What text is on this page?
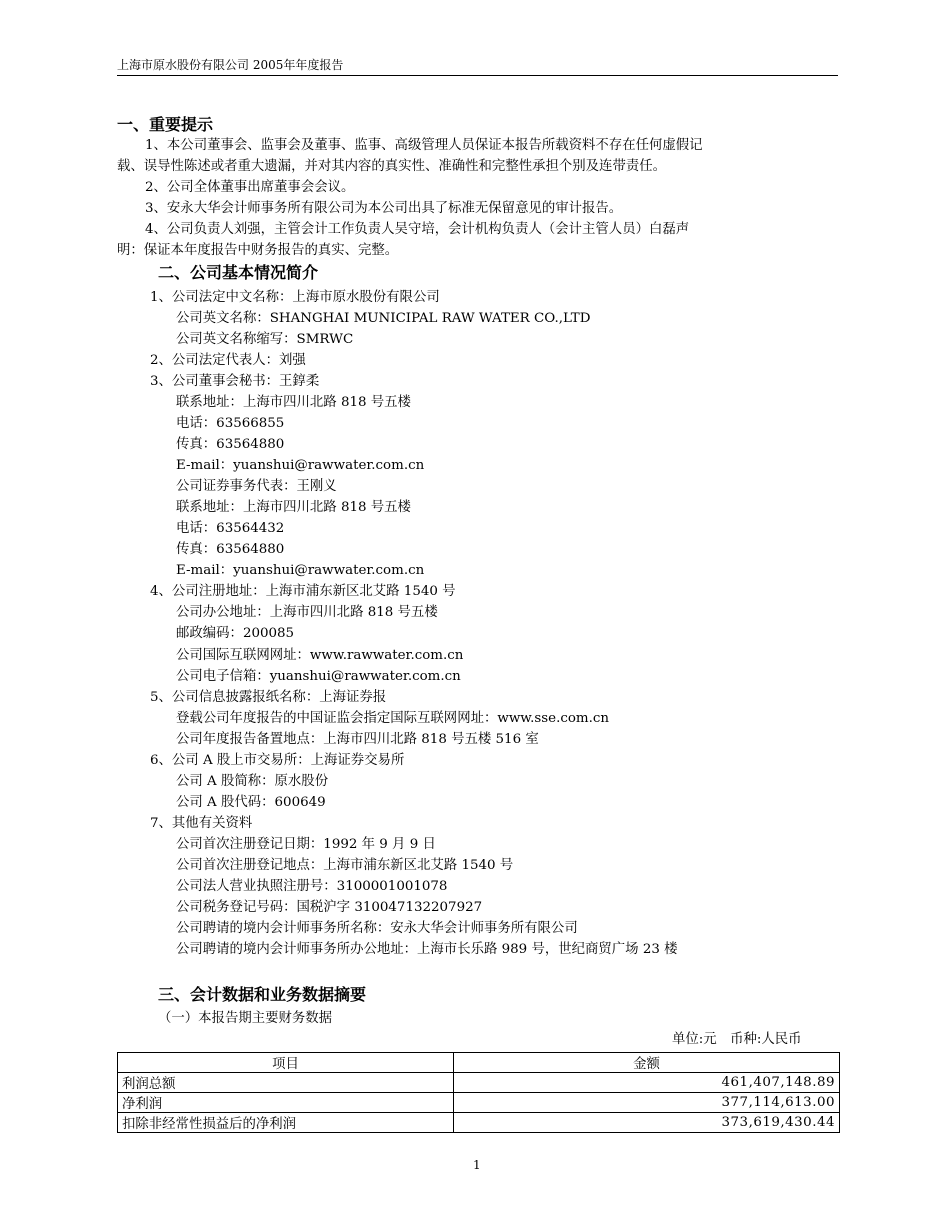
上海市原水股份有限公司 2005年年度报告
一、重要提示
1、本公司董事会、监事会及董事、监事、高级管理人员保证本报告所载资料不存在任何虚假记
载、误导性陈述或者重大遗漏，并对其内容的真实性、准确性和完整性承担个别及连带责任。
2、公司全体董事出席董事会会议。
3、安永大华会计师事务所有限公司为本公司出具了标准无保留意见的审计报告。
4、公司负责人刘强，主管会计工作负责人吴守培，会计机构负责人（会计主管人员）白磊声
明：保证本年度报告中财务报告的真实、完整。
二、公司基本情况简介
1、公司法定中文名称：上海市原水股份有限公司
公司英文名称：SHANGHAI MUNICIPAL RAW WATER CO.,LTD
公司英文名称缩写：SMRWC
2、公司法定代表人：刘强
3、公司董事会秘书：王錞柔
联系地址：上海市四川北路 818 号五楼
电话：63566855
传真：63564880
E-mail：yuanshui@rawwater.com.cn
公司证券事务代表：王刚义
联系地址：上海市四川北路 818 号五楼
电话：63564432
传真：63564880
E-mail：yuanshui@rawwater.com.cn
4、公司注册地址：上海市浦东新区北艾路 1540 号
公司办公地址：上海市四川北路 818 号五楼
邮政编码：200085
公司国际互联网网址：www.rawwater.com.cn
公司电子信箱：yuanshui@rawwater.com.cn
5、公司信息披露报纸名称：上海证券报
登载公司年度报告的中国证监会指定国际互联网网址：www.sse.com.cn
公司年度报告备置地点：上海市四川北路 818 号五楼 516 室
6、公司 A 股上市交易所：上海证券交易所
公司 A 股简称：原水股份
公司 A 股代码：600649
7、其他有关资料
公司首次注册登记日期：1992 年 9 月 9 日
公司首次注册登记地点：上海市浦东新区北艾路 1540 号
公司法人营业执照注册号：3100001001078
公司税务登记号码：国税沪字 310047132207927
公司聘请的境内会计师事务所名称：安永大华会计师事务所有限公司
公司聘请的境内会计师事务所办公地址：上海市长乐路 989 号，世纪商贸广场 23 楼
三、会计数据和业务数据摘要
（一）本报告期主要财务数据
单位:元　币种:人民币
项目	金额
利润总额	461,407,148.89
净利润	377,114,613.00
扣除非经常性损益后的净利润	373,619,430.44
1
